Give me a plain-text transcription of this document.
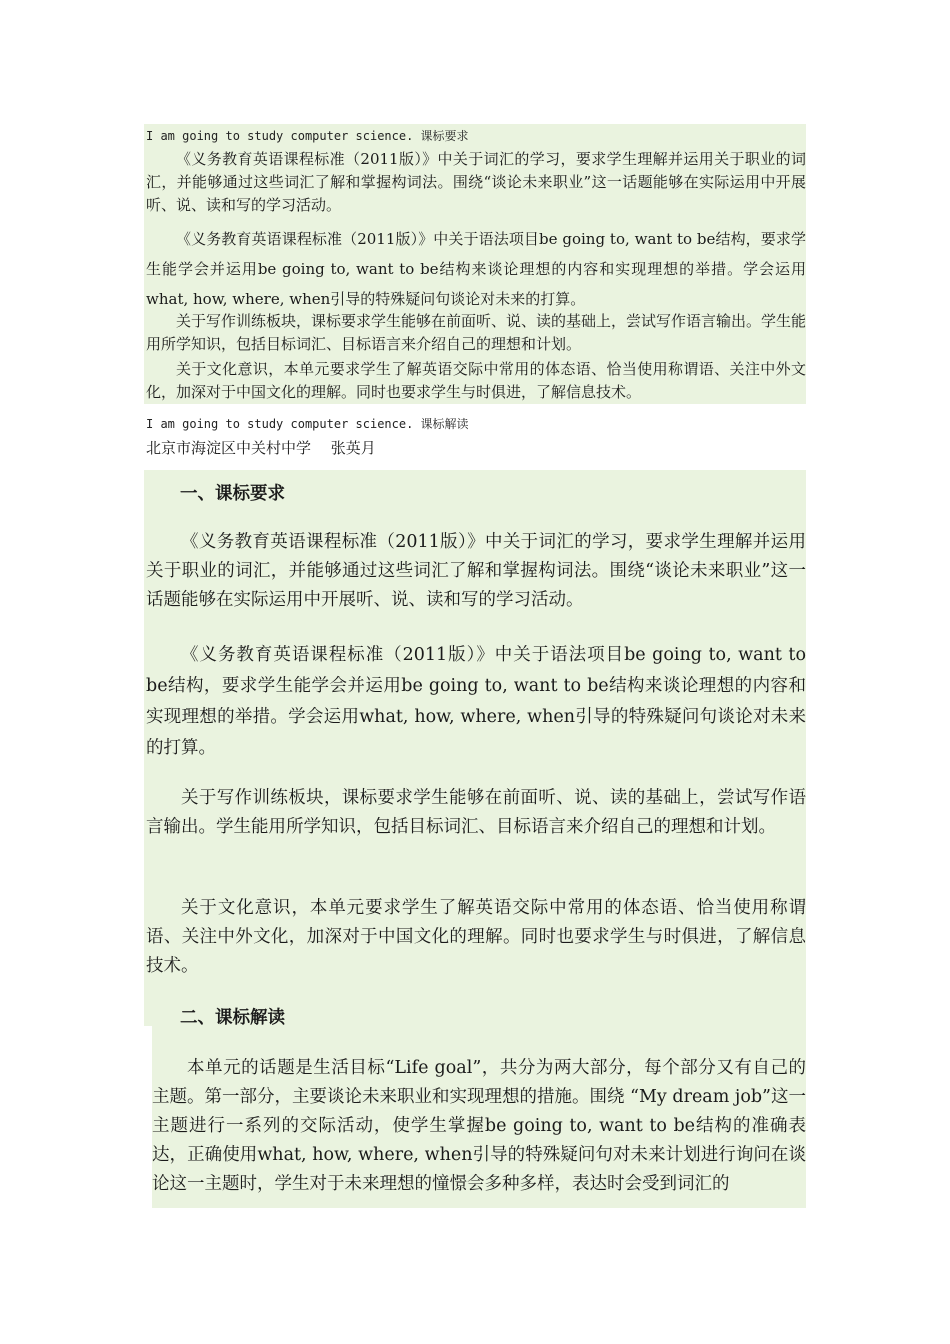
I am going to study computer science. 课标要求

《义务教育英语课程标准（2011版）》中关于词汇的学习，要求学生理解并运用关于职业的词汇，并能够通过这些词汇了解和掌握构词法。围绕“谈论未来职业”这一话题能够在实际运用中开展听、说、读和写的学习活动。

《义务教育英语课程标准（2011版）》中关于语法项目be going to, want to be结构，要求学生能学会并运用be going to, want to be结构来谈论理想的内容和实现理想的举措。学会运用what, how, where, when引导的特殊疑问句谈论对未来的打算。

关于写作训练板块，课标要求学生能够在前面听、说、读的基础上，尝试写作语言输出。学生能用所学知识，包括目标词汇、目标语言来介绍自己的理想和计划。

关于文化意识，本单元要求学生了解英语交际中常用的体态语、恰当使用称谓语、关注中外文化，加深对于中国文化的理解。同时也要求学生与时俱进，了解信息技术。

I am going to study computer science. 课标解读
北京市海淀区中关村中学　 张英月
一、课标要求

《义务教育英语课程标准（2011版）》中关于词汇的学习，要求学生理解并运用关于职业的词汇，并能够通过这些词汇了解和掌握构词法。围绕“谈论未来职业”这一话题能够在实际运用中开展听、说、读和写的学习活动。

《义务教育英语课程标准（2011版）》中关于语法项目be going to, want to be结构，要求学生能学会并运用be going to, want to be结构来谈论理想的内容和实现理想的举措。学会运用what, how, where, when引导的特殊疑问句谈论对未来的打算。

关于写作训练板块，课标要求学生能够在前面听、说、读的基础上，尝试写作语言输出。学生能用所学知识，包括目标词汇、目标语言来介绍自己的理想和计划。

关于文化意识，本单元要求学生了解英语交际中常用的体态语、恰当使用称谓语、关注中外文化，加深对于中国文化的理解。同时也要求学生与时俱进，了解信息技术。

二、课标解读

本单元的话题是生活目标“Life goal”，共分为两大部分，每个部分又有自己的主题。第一部分，主要谈论未来职业和实现理想的措施。围绕 “My dream job”这一主题进行一系列的交际活动，使学生掌握be going to, want to be结构的准确表达，正确使用what, how, where, when引导的特殊疑问句对未来计划进行询问在谈论这一主题时，学生对于未来理想的憧憬会多种多样，表达时会受到词汇的
